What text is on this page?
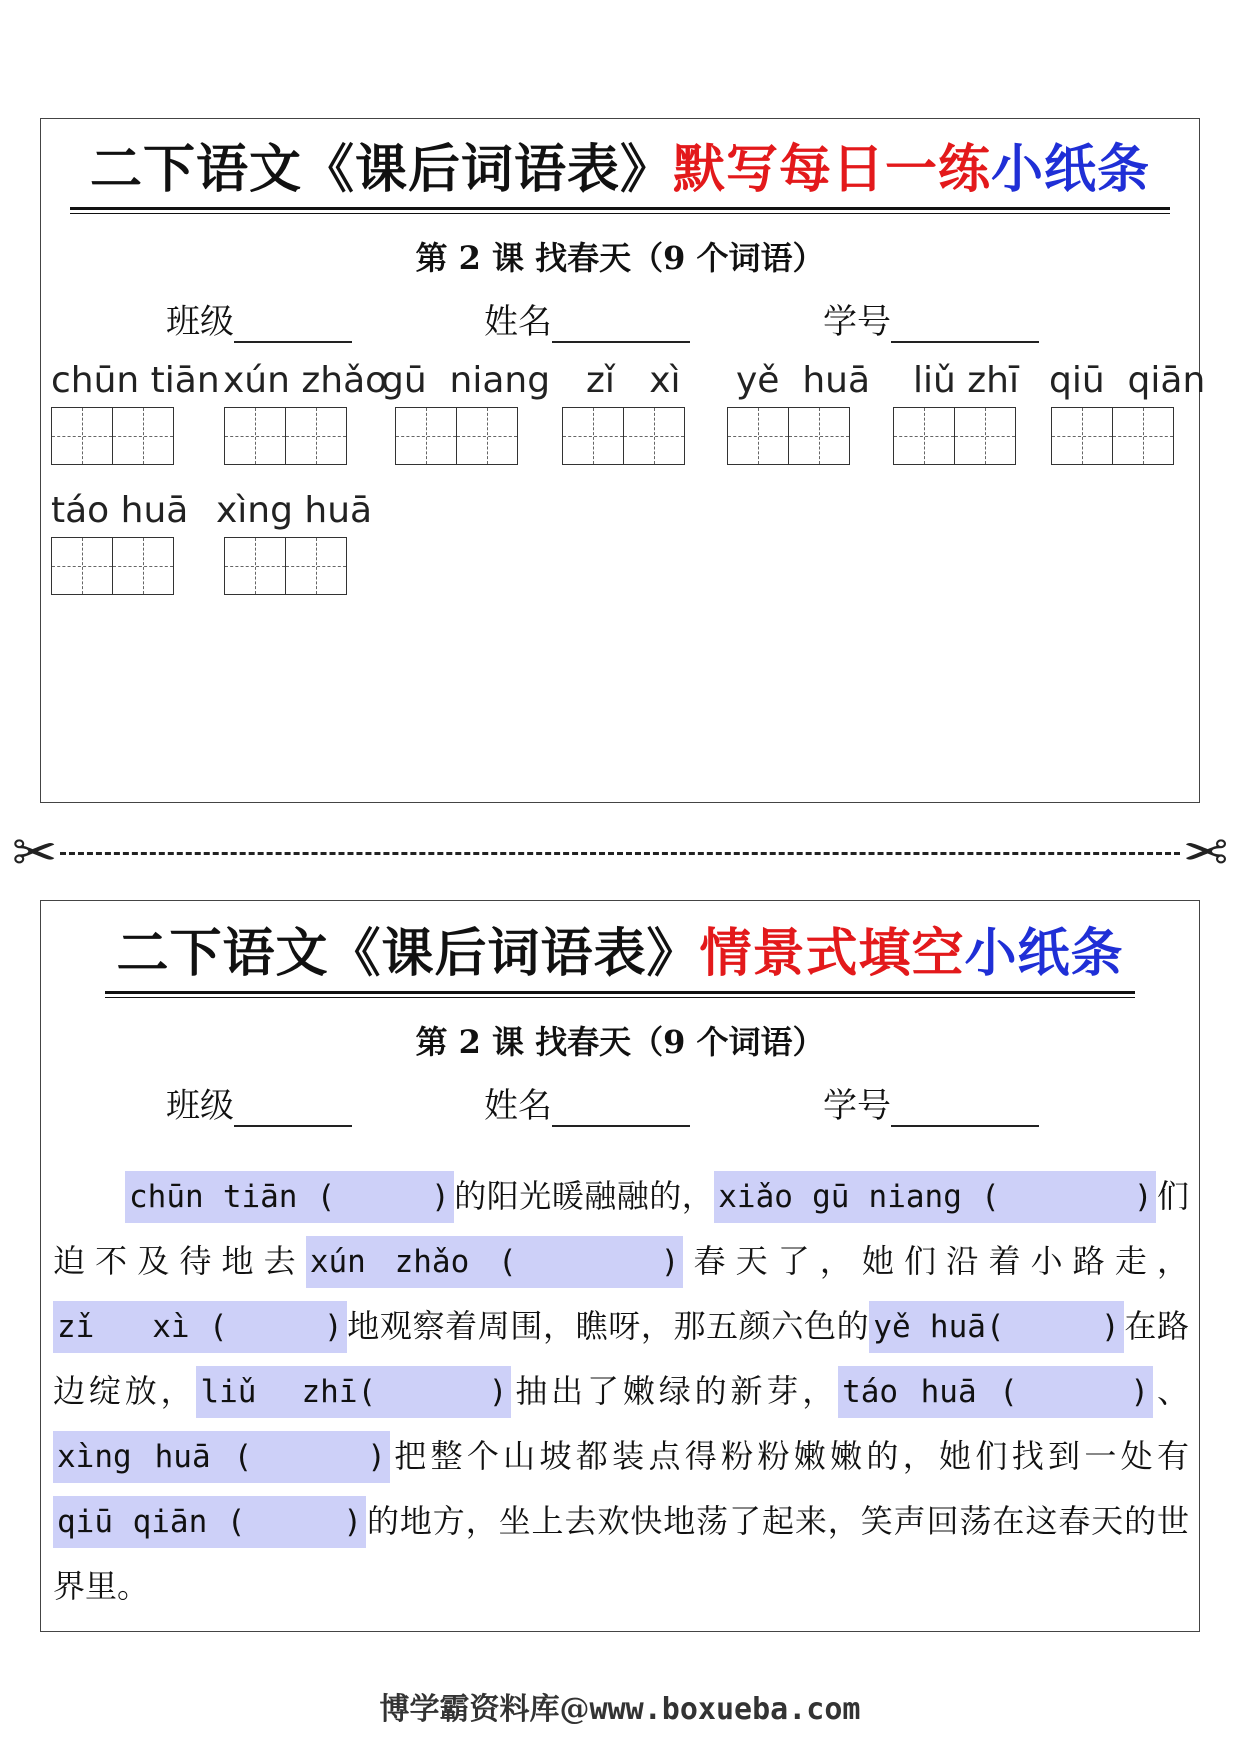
二下语文《课后词语表》默写每日一练小纸条
第 2 课 找春天（9 个词语）
班级	姓名	学号
chūn tiān xún zhǎo
gū  niang zǐ   xì yě  huā liǔ zhī qiū  qiān
táo huā xìng huā
✂	✂
二下语文《课后词语表》情景式填空小纸条
第 2 课 找春天（9 个词语）
班级	姓名	学号

chūn tiān (     ) 的阳光暖融融的， xiǎo gū niang (       ) 们迫不及待地去 xún zhǎo (     ) 春天了，她们沿着小路走，zǐ   xì (     ) 地观察着周围，瞧呀，那五颜六色的 yě huā(     ) 在路边绽放， liǔ  zhī(     ) 抽出了嫩绿的新芽， táo huā (     ) 、xìng huā (     ) 把整个山坡都装点得粉粉嫩嫩的，她们找到一处有qiū qiān (     ) 的地方，坐上去欢快地荡了起来，笑声回荡在这春天的世界里。

博学霸资料库@www.boxueba.com
